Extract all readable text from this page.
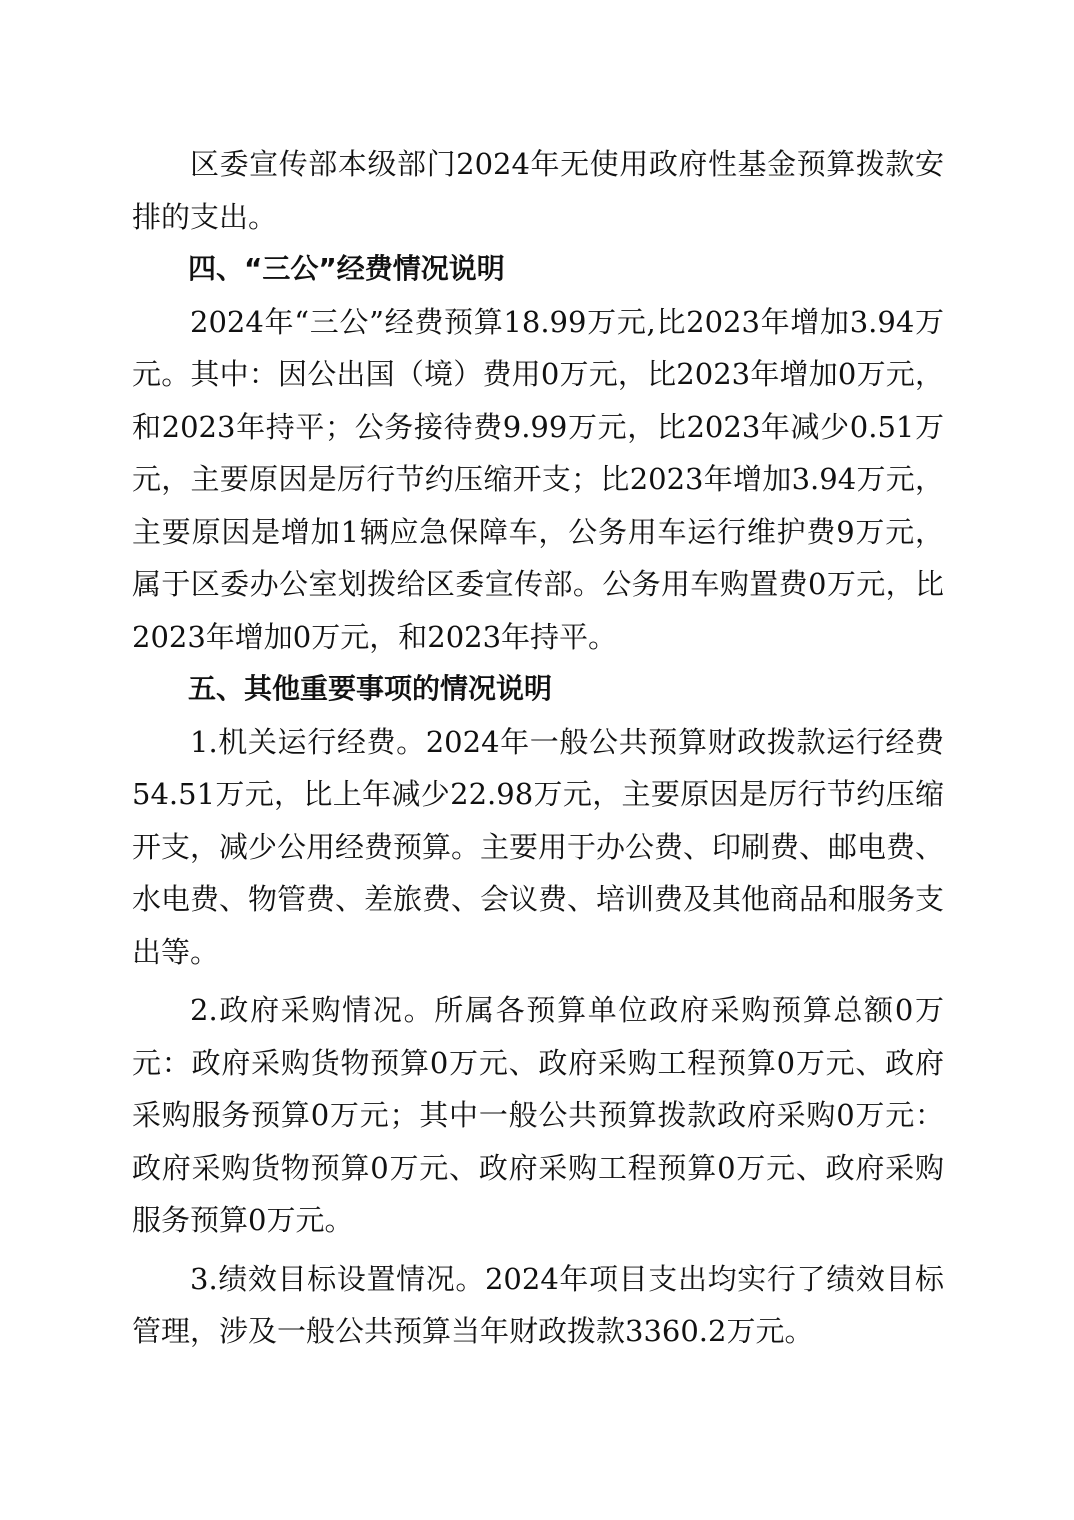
区委宣传部本级部门2024年无使用政府性基金预算拨款安排的支出。

四、“三公”经费情况说明

2024年“三公”经费预算18.99万元,比2023年增加3.94万元。其中：因公出国（境）费用0万元，比2023年增加0万元，和2023年持平；公务接待费9.99万元，比2023年减少0.51万元，主要原因是厉行节约压缩开支；比2023年增加3.94万元，主要原因是增加1辆应急保障车，公务用车运行维护费9万元，属于区委办公室划拨给区委宣传部。公务用车购置费0万元，比2023年增加0万元，和2023年持平。

五、其他重要事项的情况说明

1.机关运行经费。2024年一般公共预算财政拨款运行经费54.51万元，比上年减少22.98万元，主要原因是厉行节约压缩开支，减少公用经费预算。主要用于办公费、印刷费、邮电费、水电费、物管费、差旅费、会议费、培训费及其他商品和服务支出等。

2.政府采购情况。所属各预算单位政府采购预算总额0万元：政府采购货物预算0万元、政府采购工程预算0万元、政府采购服务预算0万元；其中一般公共预算拨款政府采购0万元：政府采购货物预算0万元、政府采购工程预算0万元、政府采购服务预算0万元。

3.绩效目标设置情况。2024年项目支出均实行了绩效目标管理，涉及一般公共预算当年财政拨款3360.2万元。
